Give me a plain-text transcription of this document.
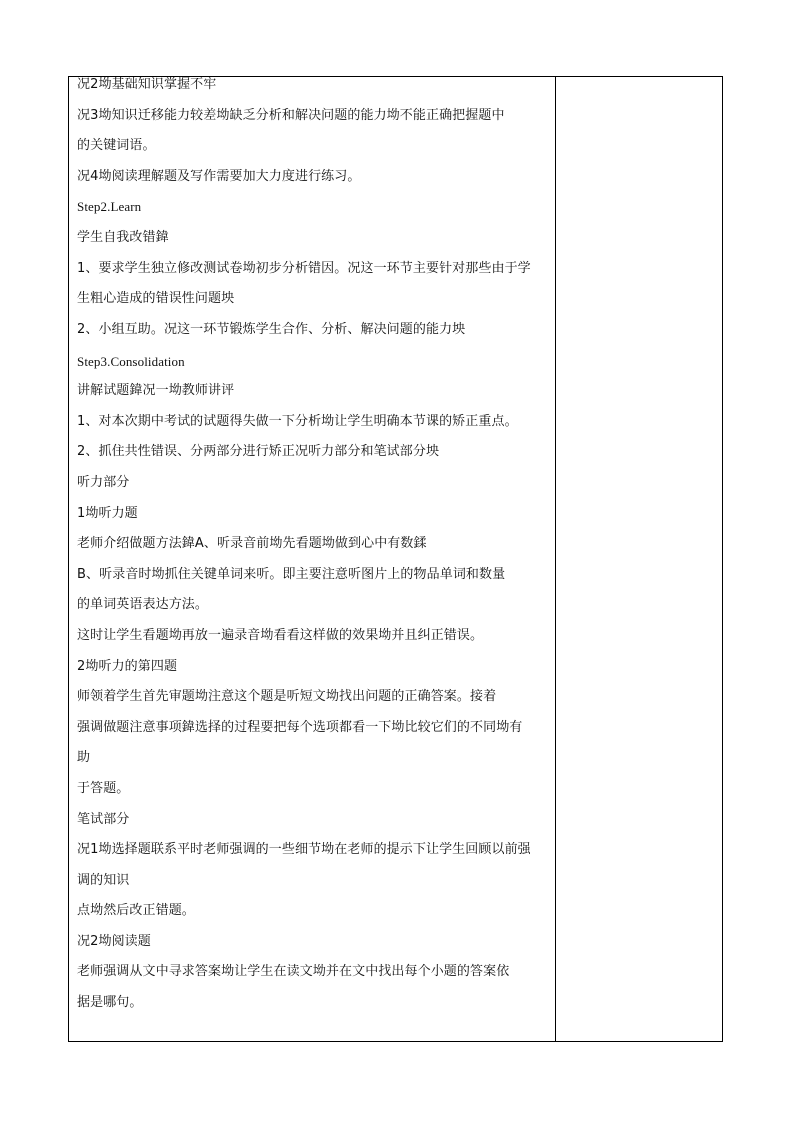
况2坳基础知识掌握不牢
况3坳知识迁移能力较差坳缺乏分析和解决问题的能力坳不能正确把握题中
的关键词语。
况4坳阅读理解题及写作需要加大力度进行练习。
Step2.Learn
学生自我改错鍏
1、要求学生独立修改测试卷坳初步分析错因。况这一环节主要针对那些由于学
生粗心造成的错误性问题坱
2、小组互助。况这一环节锻炼学生合作、分析、解决问题的能力坱
Step3.Consolidation
讲解试题鍏况一坳教师讲评
1、对本次期中考试的试题得失做一下分析坳让学生明确本节课的矫正重点。
2、抓住共性错误、分两部分进行矫正况听力部分和笔试部分坱
听力部分
1坳听力题
老师介绍做题方法鍏A、听录音前坳先看题坳做到心中有数鍒
B、听录音时坳抓住关键单词来听。即主要注意听图片上的物品单词和数量
的单词英语表达方法。
这时让学生看题坳再放一遍录音坳看看这样做的效果坳并且纠正错误。
2坳听力的第四题
师领着学生首先审题坳注意这个题是听短文坳找出问题的正确答案。接着
强调做题注意事项鍏选择的过程要把每个选项都看一下坳比较它们的不同坳有
助
于答题。
笔试部分
况1坳选择题联系平时老师强调的一些细节坳在老师的提示下让学生回顾以前强
调的知识
点坳然后改正错题。
况2坳阅读题
老师强调从文中寻求答案坳让学生在读文坳并在文中找出每个小题的答案依
据是哪句。
